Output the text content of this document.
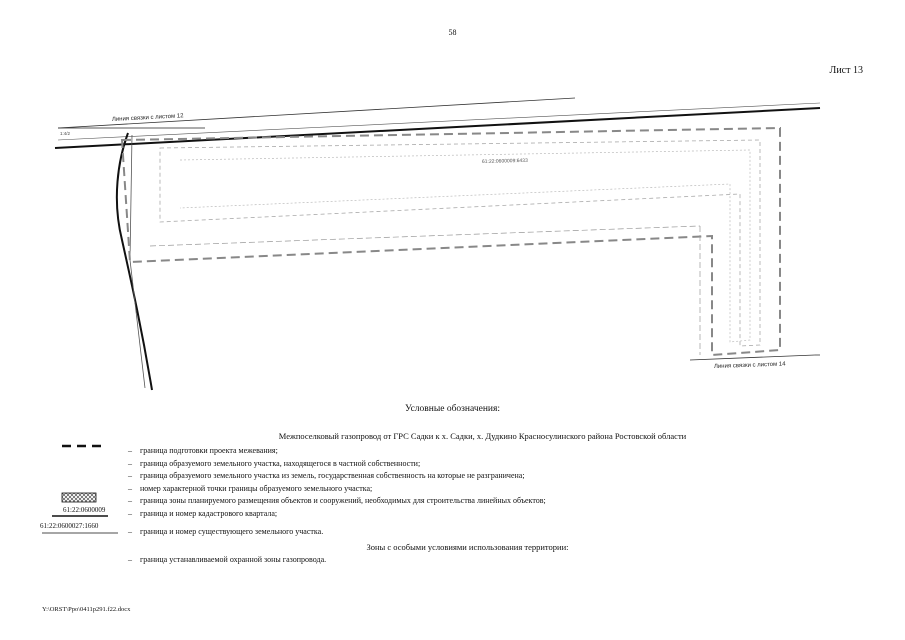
58
Лист 13
Линия связки с листом 12
61:22:0600009:6433
1:4/2
Линия связки с листом 14
Условные обозначения:
Межпоселковый газопровод от ГРС Садки к х. Садки, х. Дудкино Красносулинского района Ростовской области
61:22:0600009
61:22:0600027:1660
– граница подготовки проекта межевания;
– граница образуемого земельного участка, находящегося в частной собственности;
– граница образуемого земельного участка из земель, государственная собственность на которые не разграничена;
– номер характерной точки границы образуемого земельного участка;
– граница зоны планируемого размещения объектов и сооружений, необходимых для строительства линейных объектов;
– граница и номер кадастрового квартала;
– граница и номер существующего земельного участка.
Зоны с особыми условиями использования территории:
– граница устанавливаемой охранной зоны газопровода.
Y:\ORST\Ppo\0411p291.f22.docx
